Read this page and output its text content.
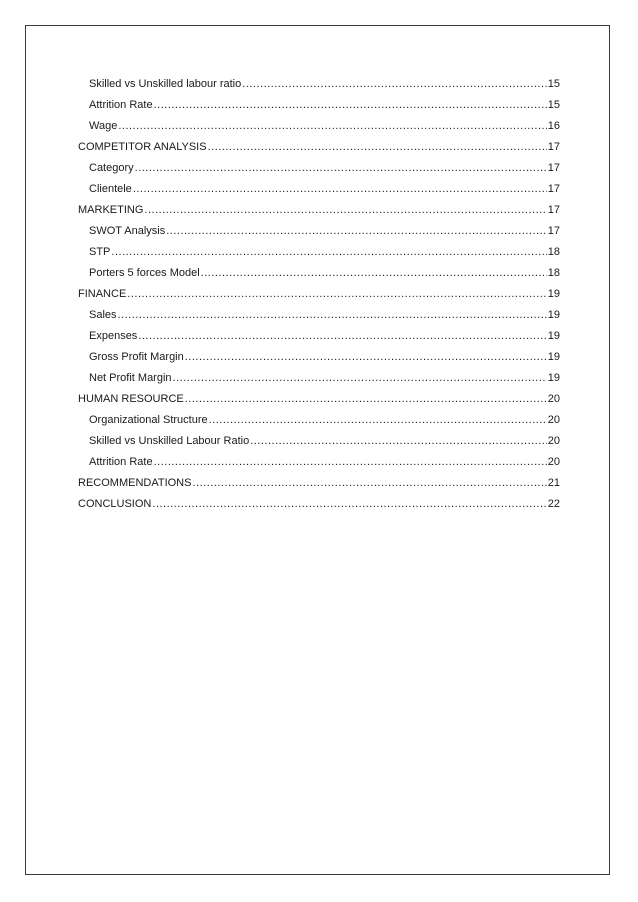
Skilled vs Unskilled labour ratio .....	15
Attrition Rate .....	15
Wage .....	16
COMPETITOR ANALYSIS .....	17
Category .....	17
Clientele .....	17
MARKETING .....	17
SWOT Analysis .....	17
STP .....	18
Porters 5 forces Model .....	18
FINANCE .....	19
Sales .....	19
Expenses .....	19
Gross Profit Margin .....	19
Net Profit Margin .....	19
HUMAN RESOURCE .....	20
Organizational Structure .....	20
Skilled vs Unskilled Labour Ratio .....	20
Attrition Rate .....	20
RECOMMENDATIONS .....	21
CONCLUSION .....	22
